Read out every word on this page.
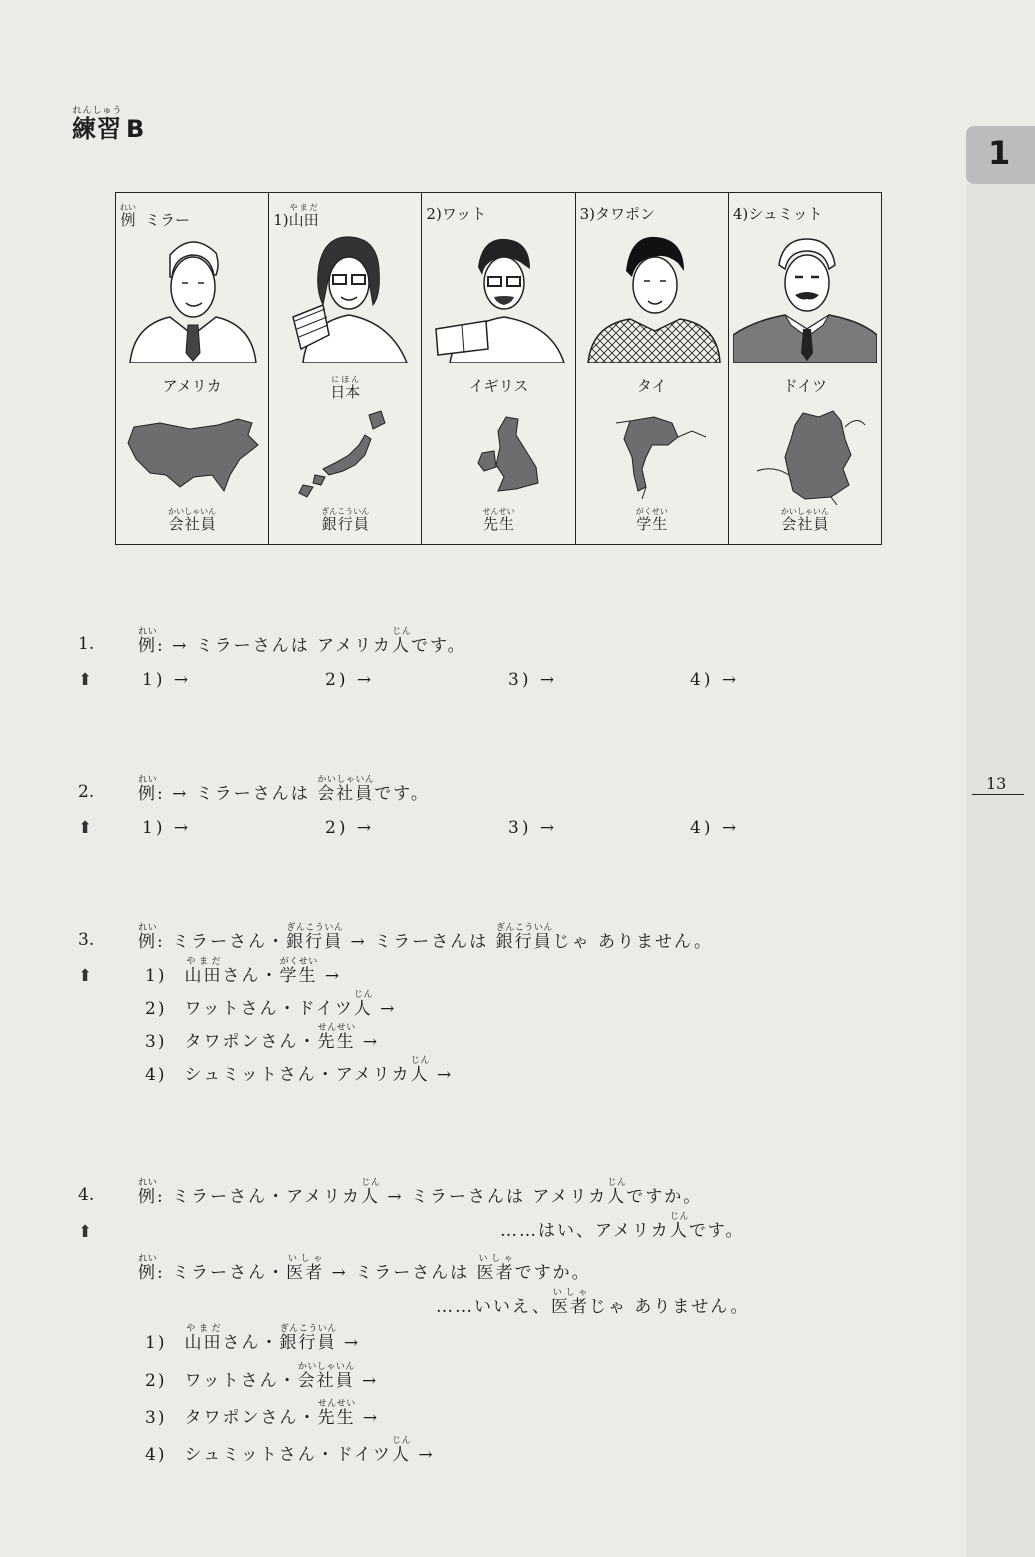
練習れんしゅうB
1
13
例れい  ミラー
アメリカ
会社員かいしゃいん
1)山田やまだ
日本にほん
銀行員ぎんこういん
2)ワット
イギリス
先生せんせい
3)タワポン
タイ
学生がくせい
4)シュミット
ドイツ
会社員かいしゃいん
1.	例れい: → ミラーさんは アメリカ人じんです。
⬆	1) →	2) →	3) →	4) →
2.	例れい: → ミラーさんは 会社員かいしゃいんです。
⬆	1) →	2) →	3) →	4) →
3.	例れい: ミラーさん・銀行員ぎんこういん → ミラーさんは 銀行員ぎんこういんじゃ ありません。
⬆	1) 山田やまださん・学生がくせい →
2) ワットさん・ドイツ人じん →
3) タワポンさん・先生せんせい →
4) シュミットさん・アメリカ人じん →
4.	例れい: ミラーさん・アメリカ人じん → ミラーさんは アメリカ人じんですか。
⬆	……はい、アメリカ人じんです。
例れい: ミラーさん・医者いしゃ → ミラーさんは 医者いしゃですか。
……いいえ、医者いしゃじゃ ありません。
1) 山田やまださん・銀行員ぎんこういん →
2) ワットさん・会社員かいしゃいん →
3) タワポンさん・先生せんせい →
4) シュミットさん・ドイツ人じん →
